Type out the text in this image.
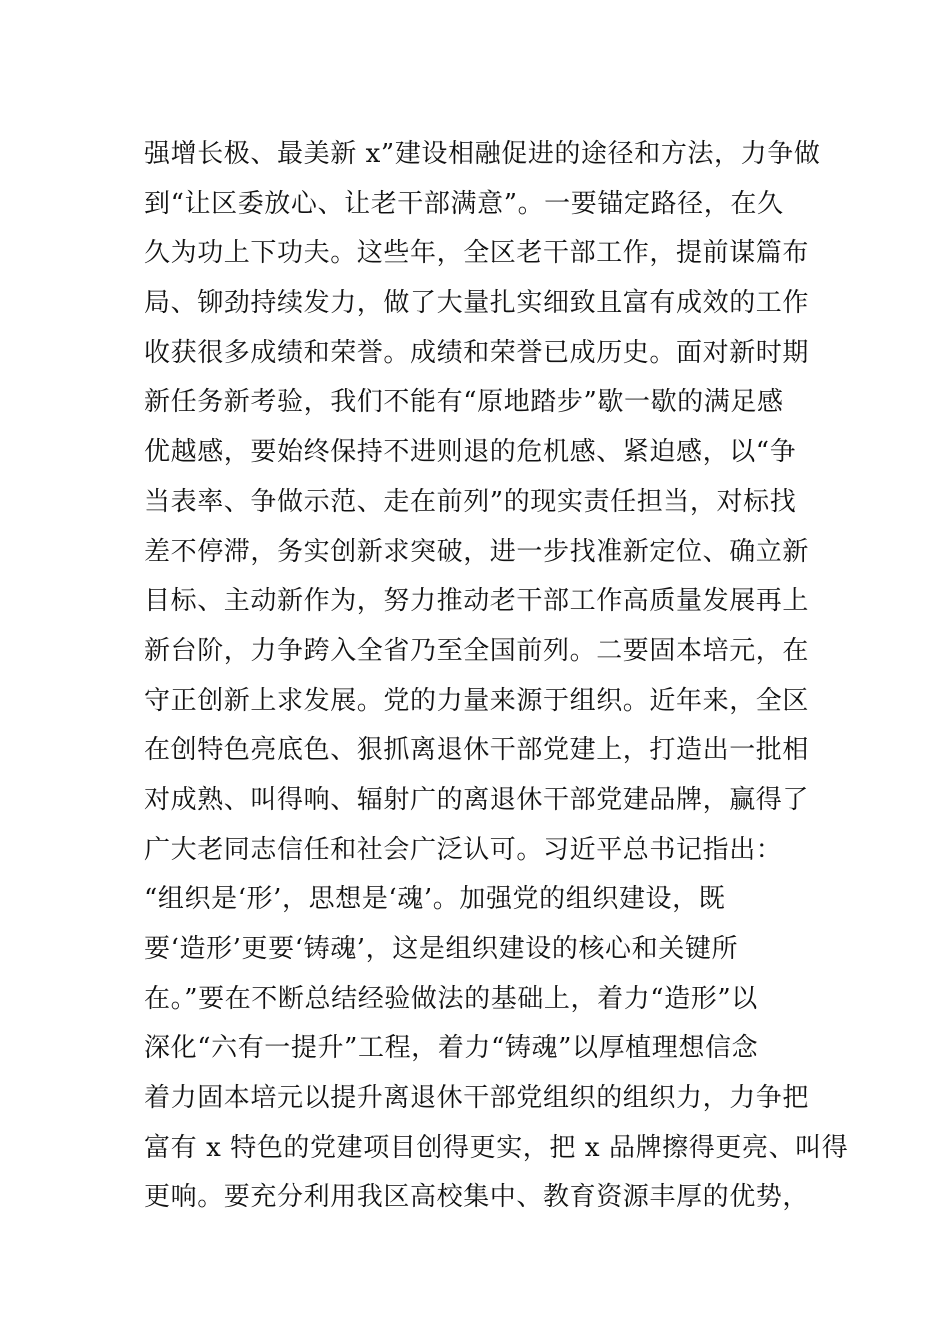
强增长极、最美新 x”建设相融促进的途径和方法，力争做
到“让区委放心、让老干部满意”。一要锚定路径，在久
久为功上下功夫。这些年，全区老干部工作，提前谋篇布
局、铆劲持续发力，做了大量扎实细致且富有成效的工作
收获很多成绩和荣誉。成绩和荣誉已成历史。面对新时期
新任务新考验，我们不能有“原地踏步”歇一歇的满足感
优越感，要始终保持不进则退的危机感、紧迫感，以“争
当表率、争做示范、走在前列”的现实责任担当，对标找
差不停滞，务实创新求突破，进一步找准新定位、确立新
目标、主动新作为，努力推动老干部工作高质量发展再上
新台阶，力争跨入全省乃至全国前列。二要固本培元，在
守正创新上求发展。党的力量来源于组织。近年来，全区
在创特色亮底色、狠抓离退休干部党建上，打造出一批相
对成熟、叫得响、辐射广的离退休干部党建品牌，赢得了
广大老同志信任和社会广泛认可。习近平总书记指出：
“组织是‘形’，思想是‘魂’。加强党的组织建设，既
要‘造形’更要‘铸魂’，这是组织建设的核心和关键所
在。”要在不断总结经验做法的基础上，着力“造形”以
深化“六有一提升”工程，着力“铸魂”以厚植理想信念
着力固本培元以提升离退休干部党组织的组织力，力争把
富有 x 特色的党建项目创得更实，把 x 品牌擦得更亮、叫得
更响。要充分利用我区高校集中、教育资源丰厚的优势，
